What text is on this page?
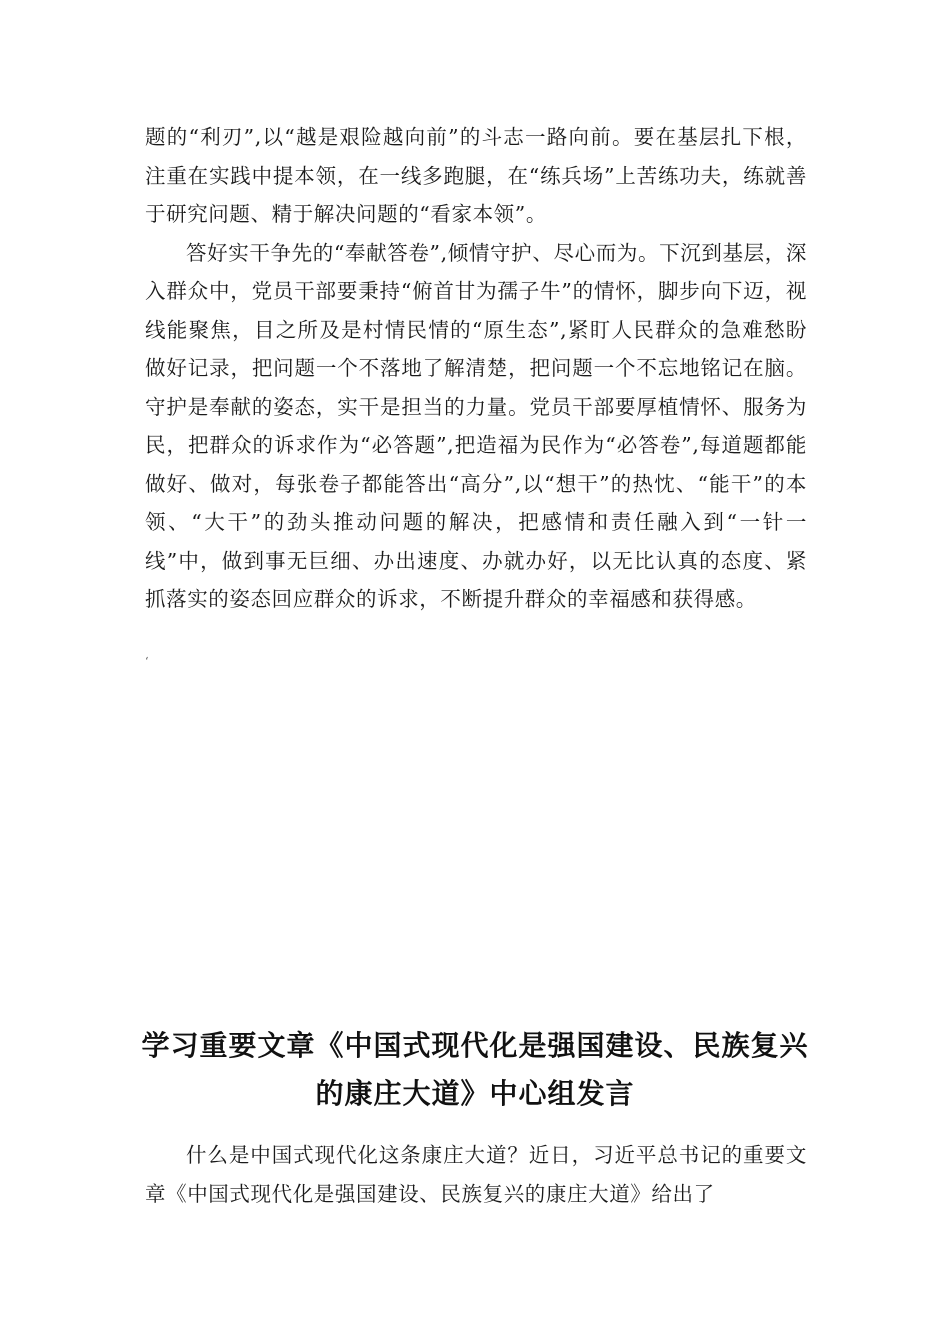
题的“利刃”,以“越是艰险越向前”的斗志一路向前。要在基层扎下根，注重在实践中提本领，在一线多跑腿，在“练兵场”上苦练功夫，练就善于研究问题、精于解决问题的“看家本领”。

答好实干争先的“奉献答卷”,倾情守护、尽心而为。下沉到基层，深入群众中，党员干部要秉持“俯首甘为孺子牛”的情怀，脚步向下迈，视线能聚焦，目之所及是村情民情的“原生态”,紧盯人民群众的急难愁盼做好记录，把问题一个不落地了解清楚，把问题一个不忘地铭记在脑。守护是奉献的姿态，实干是担当的力量。党员干部要厚植情怀、服务为民，把群众的诉求作为“必答题”,把造福为民作为“必答卷”,每道题都能做好、做对，每张卷子都能答出“高分”,以“想干”的热忱、“能干”的本领、“大干”的劲头推动问题的解决，把感情和责任融入到“一针一线”中，做到事无巨细、办出速度、办就办好，以无比认真的态度、紧抓落实的姿态回应群众的诉求，不断提升群众的幸福感和获得感。

‘
学习重要文章《中国式现代化是强国建设、民族复兴的康庄大道》中心组发言

什么是中国式现代化这条康庄大道？近日，习近平总书记的重要文章《中国式现代化是强国建设、民族复兴的康庄大道》给出了
